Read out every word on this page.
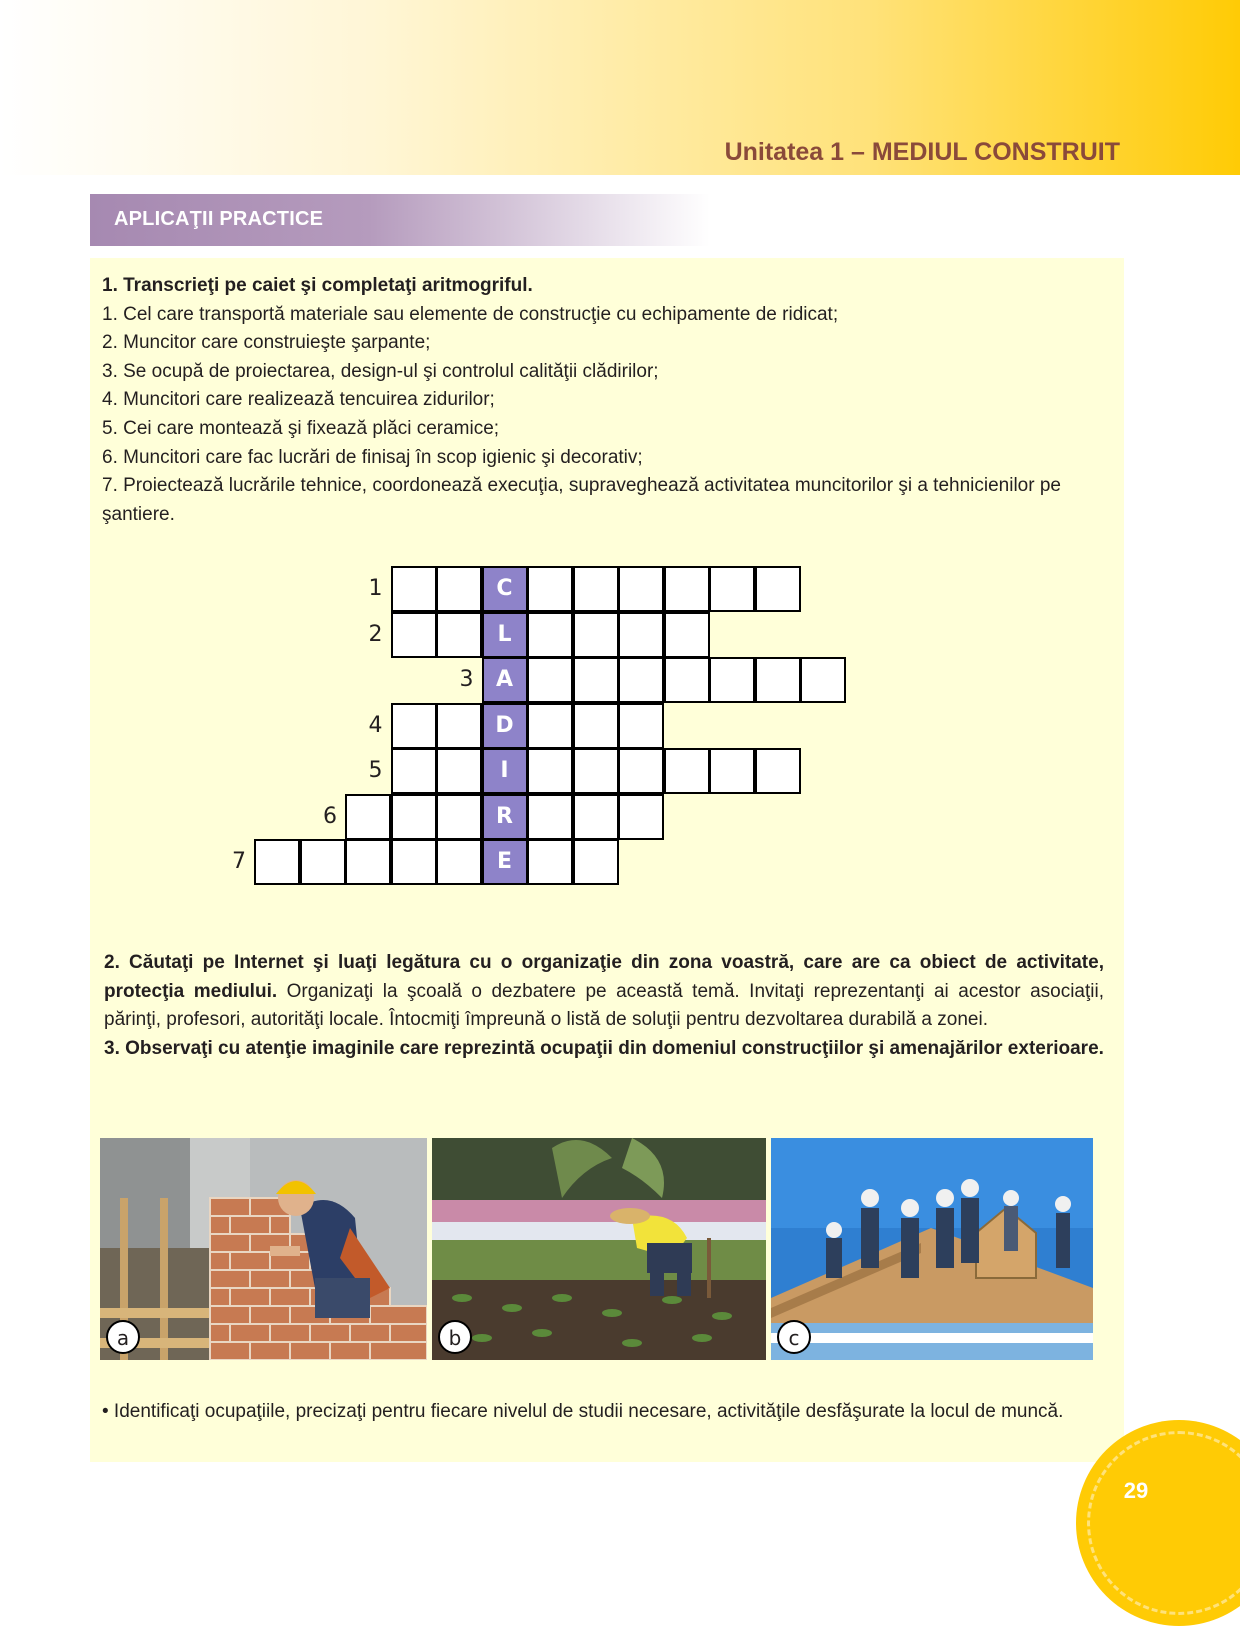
Unitatea 1 – MEDIUL CONSTRUIT
APLICAŢII PRACTICE
1. Transcrieţi pe caiet şi completaţi aritmogriful.
1. Cel care transportă materiale sau elemente de construcţie cu echipamente de ridicat;
2. Muncitor care construieşte şarpante;
3. Se ocupă de proiectarea, design-ul şi controlul calităţii clădirilor;
4. Muncitori care realizează tencuirea zidurilor;
5. Cei care montează şi fixează plăci ceramice;
6. Muncitori care fac lucrări de finisaj în scop igienic şi decorativ;
7. Proiectează lucrările tehnice, coordonează execuţia, supraveghează activitatea muncitorilor şi a tehnicienilor pe şantiere.
1	C
2	L
3	A
4	D
5	I
6	R
7	E
2. Căutaţi pe Internet şi luaţi legătura cu o organizaţie din zona voastră, care are ca obiect de activitate, protecţia mediului. Organizaţi la şcoală o dezbatere pe această temă. Invitaţi reprezentanţi ai acestor asociaţii, părinţi, profesori, autorităţi locale. Întocmiţi împreună o listă de soluţii pentru dezvoltarea durabilă a zonei.
3. Observaţi cu atenţie imaginile care reprezintă ocupaţii din domeniul construcţiilor şi amenajărilor exterioare.
a	b	c
• Identificaţi ocupaţiile, precizaţi pentru fiecare nivelul de studii necesare, activităţile desfăşurate la locul de muncă.
29
